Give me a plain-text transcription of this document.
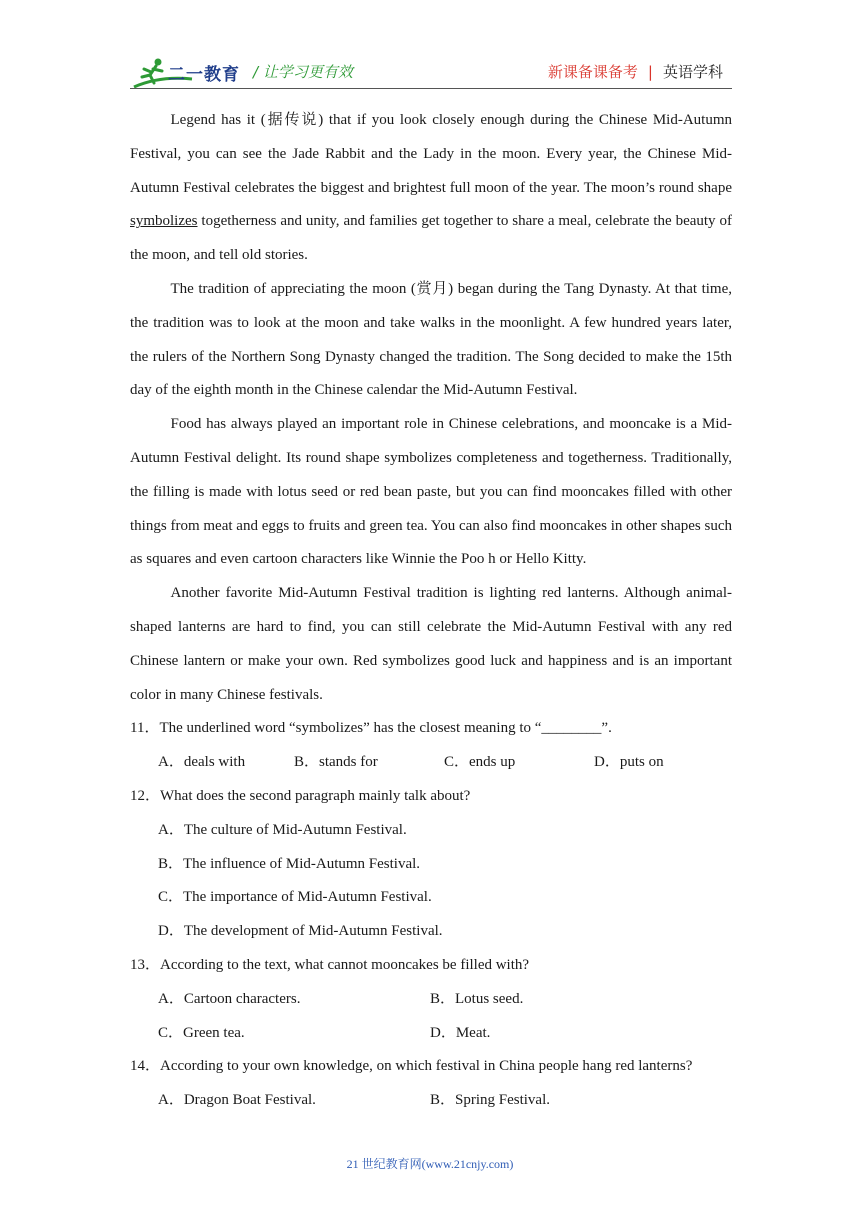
二一教育 / 让学习更有效	新课备课备考 | 英语学科

Legend has it (据传说) that if you look closely enough during the Chinese Mid-Autumn Festival, you can see the Jade Rabbit and the Lady in the moon. Every year, the Chinese Mid-Autumn Festival celebrates the biggest and brightest full moon of the year. The moon’s round shape symbolizes togetherness and unity, and families get together to share a meal, celebrate the beauty of the moon, and tell old stories.

The tradition of appreciating the moon (赏月) began during the Tang Dynasty. At that time, the tradition was to look at the moon and take walks in the moonlight. A few hundred years later, the rulers of the Northern Song Dynasty changed the tradition. The Song decided to make the 15th day of the eighth month in the Chinese calendar the Mid-Autumn Festival.

Food has always played an important role in Chinese celebrations, and mooncake is a Mid-Autumn Festival delight. Its round shape symbolizes completeness and togetherness. Traditionally, the filling is made with lotus seed or red bean paste, but you can find mooncakes filled with other things from meat and eggs to fruits and green tea. You can also find mooncakes in other shapes such as squares and even cartoon characters like Winnie the Poo h or Hello Kitty.

Another favorite Mid-Autumn Festival tradition is lighting red lanterns. Although animal-shaped lanterns are hard to find, you can still celebrate the Mid-Autumn Festival with any red Chinese lantern or make your own. Red symbolizes good luck and happiness and is an important color in many Chinese festivals.

11．The underlined word “symbolizes” has the closest meaning to “________”.

A．deals with	B．stands for	C．ends up	D．puts on

12．What does the second paragraph mainly talk about?

A．The culture of Mid-Autumn Festival.
B．The influence of Mid-Autumn Festival.
C．The importance of Mid-Autumn Festival.
D．The development of Mid-Autumn Festival.

13．According to the text, what cannot mooncakes be filled with?

A．Cartoon characters.	B．Lotus seed.
C．Green tea.	D．Meat.

14．According to your own knowledge, on which festival in China people hang red lanterns?

A．Dragon Boat Festival.	B．Spring Festival.
21 世纪教育网(www.21cnjy.com)
